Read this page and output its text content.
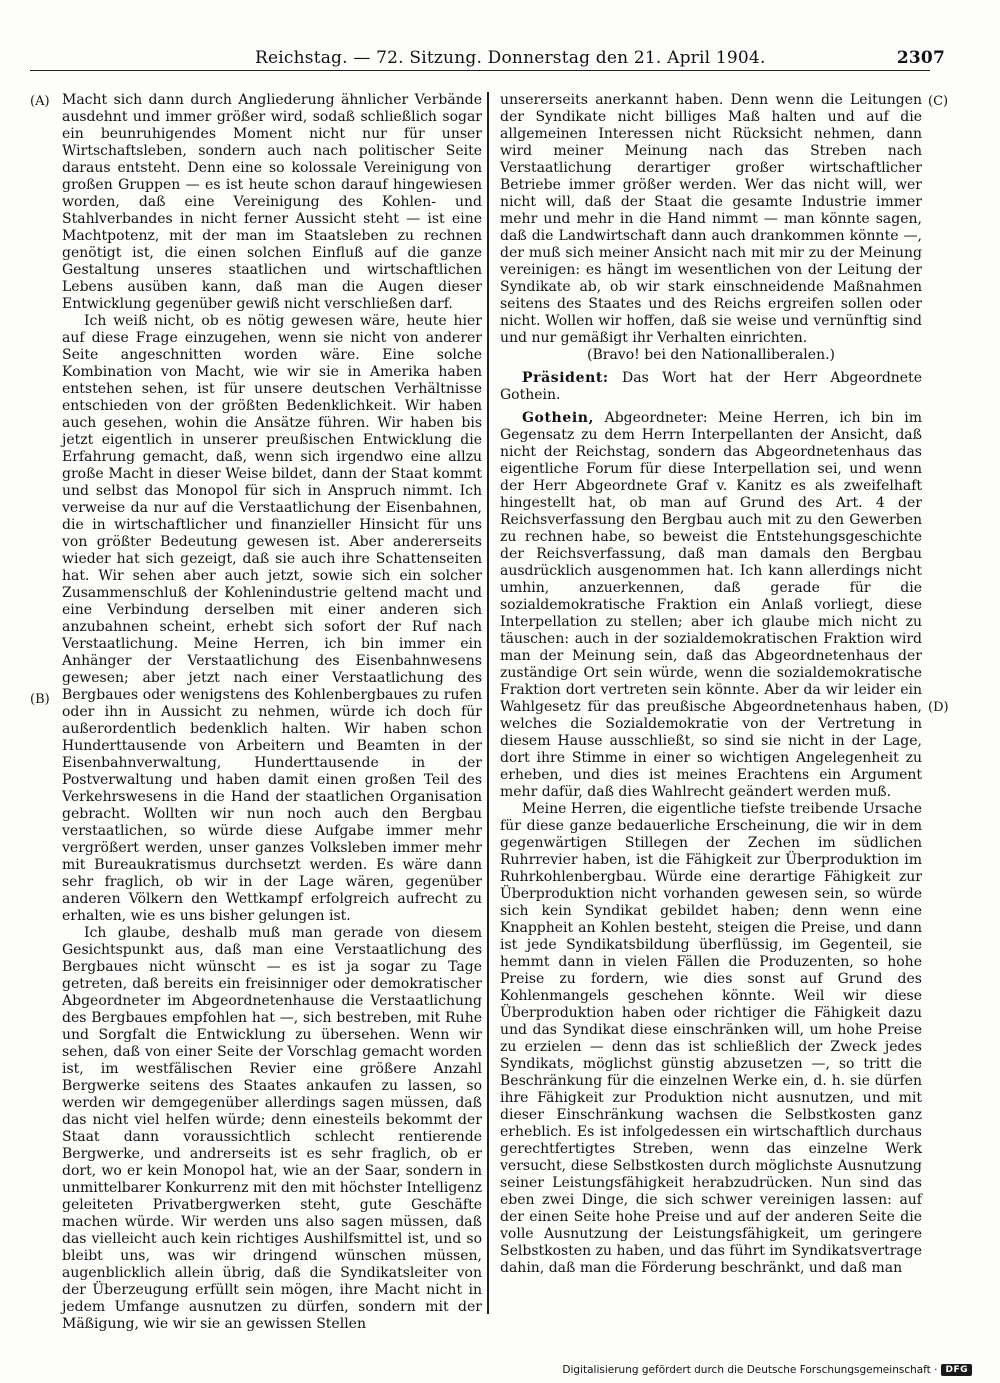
Reichstag. — 72. Sitzung. Donnerstag den 21. April 1904.	2307
(A)
(B)
(C)
(D)

Macht sich dann durch Angliederung ähnlicher Verbände ausdehnt und immer größer wird, sodaß schließlich sogar ein beunruhigendes Moment nicht nur für unser Wirtschaftsleben, sondern auch nach politischer Seite daraus entsteht. Denn eine so kolossale Vereinigung von großen Gruppen — es ist heute schon darauf hingewiesen worden, daß eine Vereinigung des Kohlen- und Stahlverbandes in nicht ferner Aussicht steht — ist eine Machtpotenz, mit der man im Staatsleben zu rechnen genötigt ist, die einen solchen Einfluß auf die ganze Gestaltung unseres staatlichen und wirtschaftlichen Lebens ausüben kann, daß man die Augen dieser Entwicklung gegenüber gewiß nicht verschließen darf.

Ich weiß nicht, ob es nötig gewesen wäre, heute hier auf diese Frage einzugehen, wenn sie nicht von anderer Seite angeschnitten worden wäre. Eine solche Kombination von Macht, wie wir sie in Amerika haben entstehen sehen, ist für unsere deutschen Verhältnisse entschieden von der größten Bedenklichkeit. Wir haben auch gesehen, wohin die Ansätze führen. Wir haben bis jetzt eigentlich in unserer preußischen Entwicklung die Erfahrung gemacht, daß, wenn sich irgendwo eine allzu große Macht in dieser Weise bildet, dann der Staat kommt und selbst das Monopol für sich in Anspruch nimmt. Ich verweise da nur auf die Verstaatlichung der Eisenbahnen, die in wirtschaftlicher und finanzieller Hinsicht für uns von größter Bedeutung gewesen ist. Aber andererseits wieder hat sich gezeigt, daß sie auch ihre Schattenseiten hat. Wir sehen aber auch jetzt, sowie sich ein solcher Zusammenschluß der Kohlenindustrie geltend macht und eine Verbindung derselben mit einer anderen sich anzubahnen scheint, erhebt sich sofort der Ruf nach Verstaatlichung. Meine Herren, ich bin immer ein Anhänger der Verstaatlichung des Eisenbahnwesens gewesen; aber jetzt nach einer Verstaatlichung des Bergbaues oder wenigstens des Kohlenbergbaues zu rufen oder ihn in Aussicht zu nehmen, würde ich doch für außerordentlich bedenklich halten. Wir haben schon Hunderttausende von Arbeitern und Beamten in der Eisenbahnverwaltung, Hunderttausende in der Postverwaltung und haben damit einen großen Teil des Verkehrswesens in die Hand der staatlichen Organisation gebracht. Wollten wir nun noch auch den Bergbau verstaatlichen, so würde diese Aufgabe immer mehr vergrößert werden, unser ganzes Volksleben immer mehr mit Bureaukratismus durchsetzt werden. Es wäre dann sehr fraglich, ob wir in der Lage wären, gegenüber anderen Völkern den Wettkampf erfolgreich aufrecht zu erhalten, wie es uns bisher gelungen ist.

Ich glaube, deshalb muß man gerade von diesem Gesichtspunkt aus, daß man eine Verstaatlichung des Bergbaues nicht wünscht — es ist ja sogar zu Tage getreten, daß bereits ein freisinniger oder demokratischer Abgeordneter im Abgeordnetenhause die Verstaatlichung des Bergbaues empfohlen hat —, sich bestreben, mit Ruhe und Sorgfalt die Entwicklung zu übersehen. Wenn wir sehen, daß von einer Seite der Vorschlag gemacht worden ist, im westfälischen Revier eine größere Anzahl Bergwerke seitens des Staates ankaufen zu lassen, so werden wir demgegenüber allerdings sagen müssen, daß das nicht viel helfen würde; denn einesteils bekommt der Staat dann voraussichtlich schlecht rentierende Bergwerke, und andrerseits ist es sehr fraglich, ob er dort, wo er kein Monopol hat, wie an der Saar, sondern in unmittelbarer Konkurrenz mit den mit höchster Intelligenz geleiteten Privatbergwerken steht, gute Geschäfte machen würde. Wir werden uns also sagen müssen, daß das vielleicht auch kein richtiges Aushilfsmittel ist, und so bleibt uns, was wir dringend wünschen müssen, augenblicklich allein übrig, daß die Syndikatsleiter von der Überzeugung erfüllt sein mögen, ihre Macht nicht in jedem Umfange ausnutzen zu dürfen, sondern mit der Mäßigung, wie wir sie an gewissen Stellen

unsererseits anerkannt haben. Denn wenn die Leitungen der Syndikate nicht billiges Maß halten und auf die allgemeinen Interessen nicht Rücksicht nehmen, dann wird meiner Meinung nach das Streben nach Verstaatlichung derartiger großer wirtschaftlicher Betriebe immer größer werden. Wer das nicht will, wer nicht will, daß der Staat die gesamte Industrie immer mehr und mehr in die Hand nimmt — man könnte sagen, daß die Landwirtschaft dann auch drankommen könnte —, der muß sich meiner Ansicht nach mit mir zu der Meinung vereinigen: es hängt im wesentlichen von der Leitung der Syndikate ab, ob wir stark einschneidende Maßnahmen seitens des Staates und des Reichs ergreifen sollen oder nicht. Wollen wir hoffen, daß sie weise und vernünftig sind und nur gemäßigt ihr Verhalten einrichten.

(Bravo! bei den Nationalliberalen.)

Präsident: Das Wort hat der Herr Abgeordnete Gothein.

Gothein, Abgeordneter: Meine Herren, ich bin im Gegensatz zu dem Herrn Interpellanten der Ansicht, daß nicht der Reichstag, sondern das Abgeordnetenhaus das eigentliche Forum für diese Interpellation sei, und wenn der Herr Abgeordnete Graf v. Kanitz es als zweifelhaft hingestellt hat, ob man auf Grund des Art. 4 der Reichsverfassung den Bergbau auch mit zu den Gewerben zu rechnen habe, so beweist die Entstehungsgeschichte der Reichsverfassung, daß man damals den Bergbau ausdrücklich ausgenommen hat. Ich kann allerdings nicht umhin, anzuerkennen, daß gerade für die sozialdemokratische Fraktion ein Anlaß vorliegt, diese Interpellation zu stellen; aber ich glaube mich nicht zu täuschen: auch in der sozialdemokratischen Fraktion wird man der Meinung sein, daß das Abgeordnetenhaus der zuständige Ort sein würde, wenn die sozialdemokratische Fraktion dort vertreten sein könnte. Aber da wir leider ein Wahlgesetz für das preußische Abgeordnetenhaus haben, welches die Sozialdemokratie von der Vertretung in diesem Hause ausschließt, so sind sie nicht in der Lage, dort ihre Stimme in einer so wichtigen Angelegenheit zu erheben, und dies ist meines Erachtens ein Argument mehr dafür, daß dies Wahlrecht geändert werden muß.

Meine Herren, die eigentliche tiefste treibende Ursache für diese ganze bedauerliche Erscheinung, die wir in dem gegenwärtigen Stillegen der Zechen im südlichen Ruhrrevier haben, ist die Fähigkeit zur Überproduktion im Ruhrkohlenbergbau. Würde eine derartige Fähigkeit zur Überproduktion nicht vorhanden gewesen sein, so würde sich kein Syndikat gebildet haben; denn wenn eine Knappheit an Kohlen besteht, steigen die Preise, und dann ist jede Syndikatsbildung überflüssig, im Gegenteil, sie hemmt dann in vielen Fällen die Produzenten, so hohe Preise zu fordern, wie dies sonst auf Grund des Kohlenmangels geschehen könnte. Weil wir diese Überproduktion haben oder richtiger die Fähigkeit dazu und das Syndikat diese einschränken will, um hohe Preise zu erzielen — denn das ist schließlich der Zweck jedes Syndikats, möglichst günstig abzusetzen —, so tritt die Beschränkung für die einzelnen Werke ein, d. h. sie dürfen ihre Fähigkeit zur Produktion nicht ausnutzen, und mit dieser Einschränkung wachsen die Selbstkosten ganz erheblich. Es ist infolgedessen ein wirtschaftlich durchaus gerechtfertigtes Streben, wenn das einzelne Werk versucht, diese Selbstkosten durch möglichste Ausnutzung seiner Leistungsfähigkeit herabzudrücken. Nun sind das eben zwei Dinge, die sich schwer vereinigen lassen: auf der einen Seite hohe Preise und auf der anderen Seite die volle Ausnutzung der Leistungsfähigkeit, um geringere Selbstkosten zu haben, und das führt im Syndikatsvertrage dahin, daß man die Förderung beschränkt, und daß man

Digitalisierung gefördert durch die Deutsche Forschungsgemeinschaft · DFG
